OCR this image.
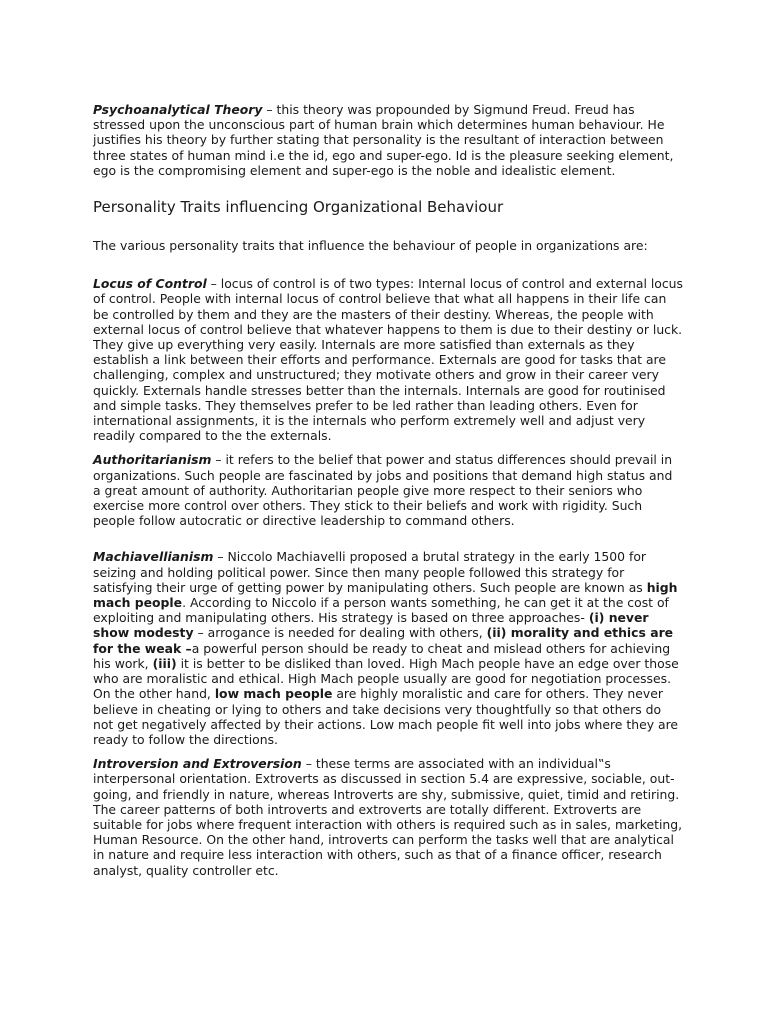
Psychoanalytical Theory – this theory was propounded by Sigmund Freud. Freud has stressed upon the unconscious part of human brain which determines human behaviour. He justifies his theory by further stating that personality is the resultant of interaction between three states of human mind i.e the id, ego and super-ego. Id is the pleasure seeking element, ego is the compromising element and super-ego is the noble and idealistic element.

Personality Traits influencing Organizational Behaviour

The various personality traits that influence the behaviour of people in organizations are:

Locus of Control – locus of control is of two types: Internal locus of control and external locus of control. People with internal locus of control believe that what all happens in their life can be controlled by them and they are the masters of their destiny. Whereas, the people with external locus of control believe that whatever happens to them is due to their destiny or luck. They give up everything very easily. Internals are more satisfied than externals as they establish a link between their efforts and performance. Externals are good for tasks that are challenging, complex and unstructured; they motivate others and grow in their career very quickly. Externals handle stresses better than the internals. Internals are good for routinised and simple tasks. They themselves prefer to be led rather than leading others. Even for international assignments, it is the internals who perform extremely well and adjust very readily compared to the the externals.

Authoritarianism – it refers to the belief that power and status differences should prevail in organizations. Such people are fascinated by jobs and positions that demand high status and a great amount of authority. Authoritarian people give more respect to their seniors who exercise more control over others. They stick to their beliefs and work with rigidity. Such people follow autocratic or directive leadership to command others.

Machiavellianism – Niccolo Machiavelli proposed a brutal strategy in the early 1500 for seizing and holding political power. Since then many people followed this strategy for satisfying their urge of getting power by manipulating others. Such people are known as high mach people. According to Niccolo if a person wants something, he can get it at the cost of exploiting and manipulating others. His strategy is based on three approaches- (i) never show modesty – arrogance is needed for dealing with others, (ii) morality and ethics are for the weak –a powerful person should be ready to cheat and mislead others for achieving his work, (iii) it is better to be disliked than loved. High Mach people have an edge over those who are moralistic and ethical. High Mach people usually are good for negotiation processes. On the other hand, low mach people are highly moralistic and care for others. They never believe in cheating or lying to others and take decisions very thoughtfully so that others do not get negatively affected by their actions. Low mach people fit well into jobs where they are ready to follow the directions.

Introversion and Extroversion – these terms are associated with an individual‟s interpersonal orientation. Extroverts as discussed in section 5.4 are expressive, sociable, out-going, and friendly in nature, whereas Introverts are shy, submissive, quiet, timid and retiring. The career patterns of both introverts and extroverts are totally different. Extroverts are suitable for jobs where frequent interaction with others is required such as in sales, marketing, Human Resource. On the other hand, introverts can perform the tasks well that are analytical in nature and require less interaction with others, such as that of a finance officer, research analyst, quality controller etc.
